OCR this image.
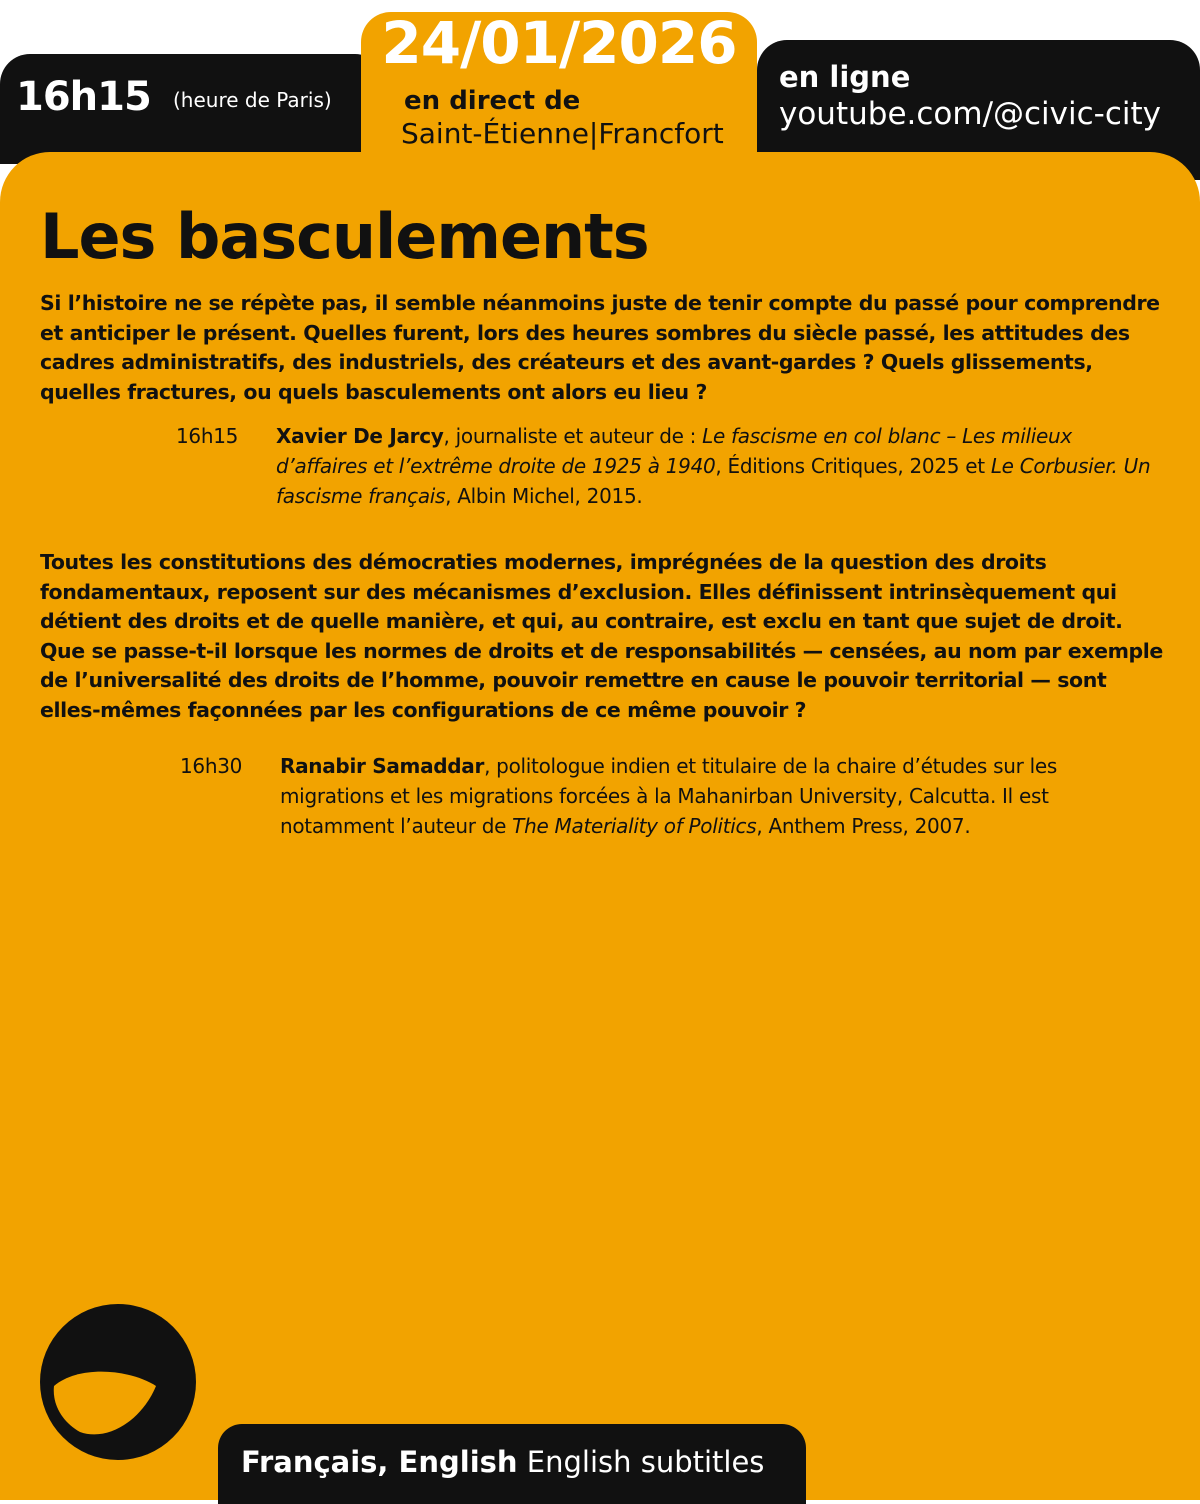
16h15 (heure de Paris)
24/01/2026
en direct de
Saint-Étienne|Francfort
en ligne
youtube.com/@civic-city
Les basculements

Si l’histoire ne se répète pas, il semble néanmoins juste de tenir compte du passé pour comprendre et anticiper le présent. Quelles furent, lors des heures sombres du siècle passé, les attitudes des cadres administratifs, des industriels, des créateurs et des avant-gardes ? Quels glissements, quelles fractures, ou quels basculements ont alors eu lieu ?

16h15 Xavier De Jarcy, journaliste et auteur de : Le fascisme en col blanc – Les milieux d’affaires et l’extrême droite de 1925 à 1940, Éditions Critiques, 2025 et Le Corbusier. Un fascisme français, Albin Michel, 2015.

Toutes les constitutions des démocraties modernes, imprégnées de la question des droits fondamentaux, reposent sur des mécanismes d’exclusion. Elles définissent intrinsèquement qui détient des droits et de quelle manière, et qui, au contraire, est exclu en tant que sujet de droit. Que se passe-t-il lorsque les normes de droits et de responsabilités — censées, au nom par exemple de l’universalité des droits de l’homme, pouvoir remettre en cause le pouvoir territorial — sont elles-mêmes façonnées par les configurations de ce même pouvoir ?

16h30 Ranabir Samaddar, politologue indien et titulaire de la chaire d’études sur les migrations et les migrations forcées à la Mahanirban University, Calcutta. Il est notamment l’auteur de The Materiality of Politics, Anthem Press, 2007.

Français, English English subtitles
